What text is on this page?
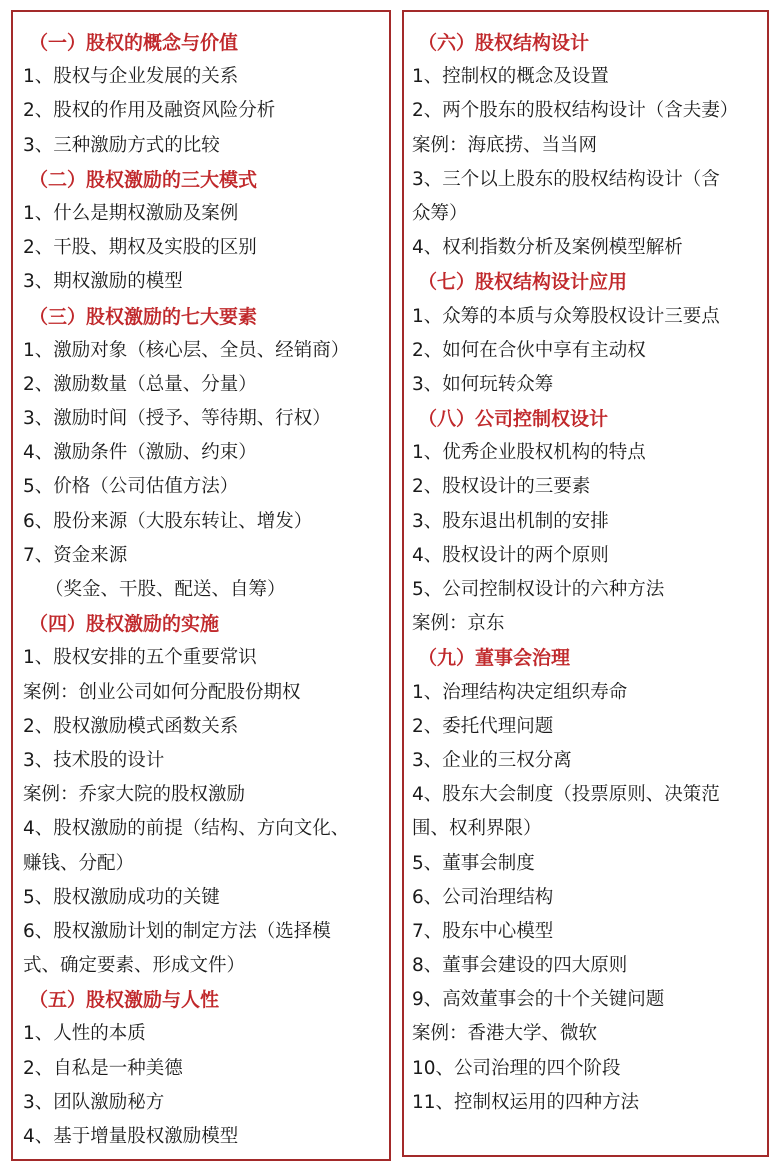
（一）股权的概念与价值
1、股权与企业发展的关系
2、股权的作用及融资风险分析
3、三种激励方式的比较
（二）股权激励的三大模式
1、什么是期权激励及案例
2、干股、期权及实股的区别
3、期权激励的模型
（三）股权激励的七大要素
1、激励对象（核心层、全员、经销商）
2、激励数量（总量、分量）
3、激励时间（授予、等待期、行权）
4、激励条件（激励、约束）
5、价格（公司估值方法）
6、股份来源（大股东转让、增发）
7、资金来源
（奖金、干股、配送、自筹）
（四）股权激励的实施
1、股权安排的五个重要常识
案例：创业公司如何分配股份期权
2、股权激励模式函数关系
3、技术股的设计
案例：乔家大院的股权激励
4、股权激励的前提（结构、方向文化、
赚钱、分配）
5、股权激励成功的关键
6、股权激励计划的制定方法（选择模
式、确定要素、形成文件）
（五）股权激励与人性
1、人性的本质
2、自私是一种美德
3、团队激励秘方
4、基于增量股权激励模型
（六）股权结构设计
1、控制权的概念及设置
2、两个股东的股权结构设计（含夫妻）
案例：海底捞、当当网
3、三个以上股东的股权结构设计（含
众筹）
4、权利指数分析及案例模型解析
（七）股权结构设计应用
1、众筹的本质与众筹股权设计三要点
2、如何在合伙中享有主动权
3、如何玩转众筹
（八）公司控制权设计
1、优秀企业股权机构的特点
2、股权设计的三要素
3、股东退出机制的安排
4、股权设计的两个原则
5、公司控制权设计的六种方法
案例：京东
（九）董事会治理
1、治理结构决定组织寿命
2、委托代理问题
3、企业的三权分离
4、股东大会制度（投票原则、决策范
围、权利界限）
5、董事会制度
6、公司治理结构
7、股东中心模型
8、董事会建设的四大原则
9、高效董事会的十个关键问题
案例：香港大学、微软
10、公司治理的四个阶段
11、控制权运用的四种方法
